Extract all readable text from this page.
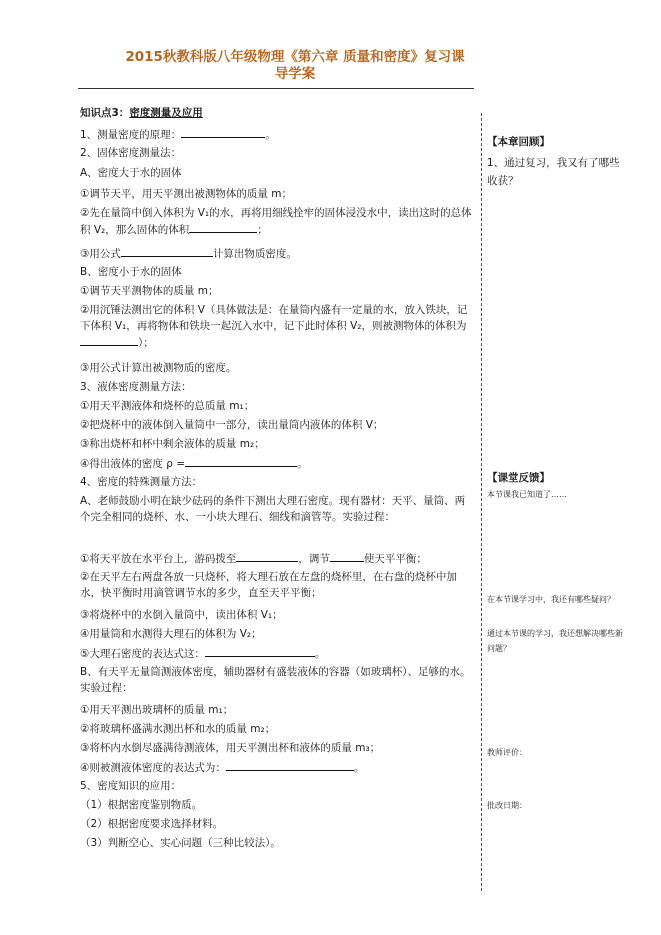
2015秋教科版八年级物理《第六章 质量和密度》复习课
导学案
知识点3：密度测量及应用
1、测量密度的原理：	。
2、固体密度测量法：
A、密度大于水的固体
①调节天平，用天平测出被测物体的质量 m；
②先在量筒中倒入体积为 V₁的水，再将用细线拴牢的固体浸没水中，读出这时的总体积 V₂，那么固体的体积	；
③用公式	计算出物质密度。
B、密度小于水的固体
①调节天平测物体的质量 m；
②用沉锤法测出它的体积 V（具体做法是：在量筒内盛有一定量的水，放入铁块，记下体积 V₁，再将物体和铁块一起沉入水中，记下此时体积 V₂，则被测物体的体积为）；
③用公式计算出被测物质的密度。
3、液体密度测量方法：
①用天平测液体和烧杯的总质量 m₁；
②把烧杯中的液体倒入量筒中一部分，读出量筒内液体的体积 V；
③称出烧杯和杯中剩余液体的质量 m₂；
④得出液体的密度 ρ =	。
4、密度的特殊测量方法：
A、老师鼓励小明在缺少砝码的条件下测出大理石密度。现有器材：天平、量筒、两个完全相同的烧杯、水、一小块大理石、细线和滴管等。实验过程：
①将天平放在水平台上，游码拨至	，调节	使天平平衡；
②在天平左右两盘各放一只烧杯，将大理石放在左盘的烧杯里，在右盘的烧杯中加水，快平衡时用滴管调节水的多少，直至天平平衡；
③将烧杯中的水倒入量筒中，读出体积 V₁；
④用量筒和水测得大理石的体积为 V₂；
⑤大理石密度的表达式这：	。
B、有天平无量筒测液体密度，辅助器材有盛装液体的容器（如玻璃杯）、足够的水。实验过程：
①用天平测出玻璃杯的质量 m₁；
②将玻璃杯盛满水测出杯和水的质量 m₂；
③将杯内水倒尽盛满待测液体，用天平测出杯和液体的质量 m₃；
④则被测液体密度的表达式为：	。
5、密度知识的应用：
（1）根据密度鉴别物质。
（2）根据密度要求选择材料。
（3）判断空心、实心问题（三种比较法）。
【本章回顾】
1、通过复习，我又有了哪些收获？
【课堂反馈】
本节课我已知道了……
在本节课学习中，我还有哪些疑问？
通过本节课的学习，我还想解决哪些新问题？
教师评价：
批改日期：
